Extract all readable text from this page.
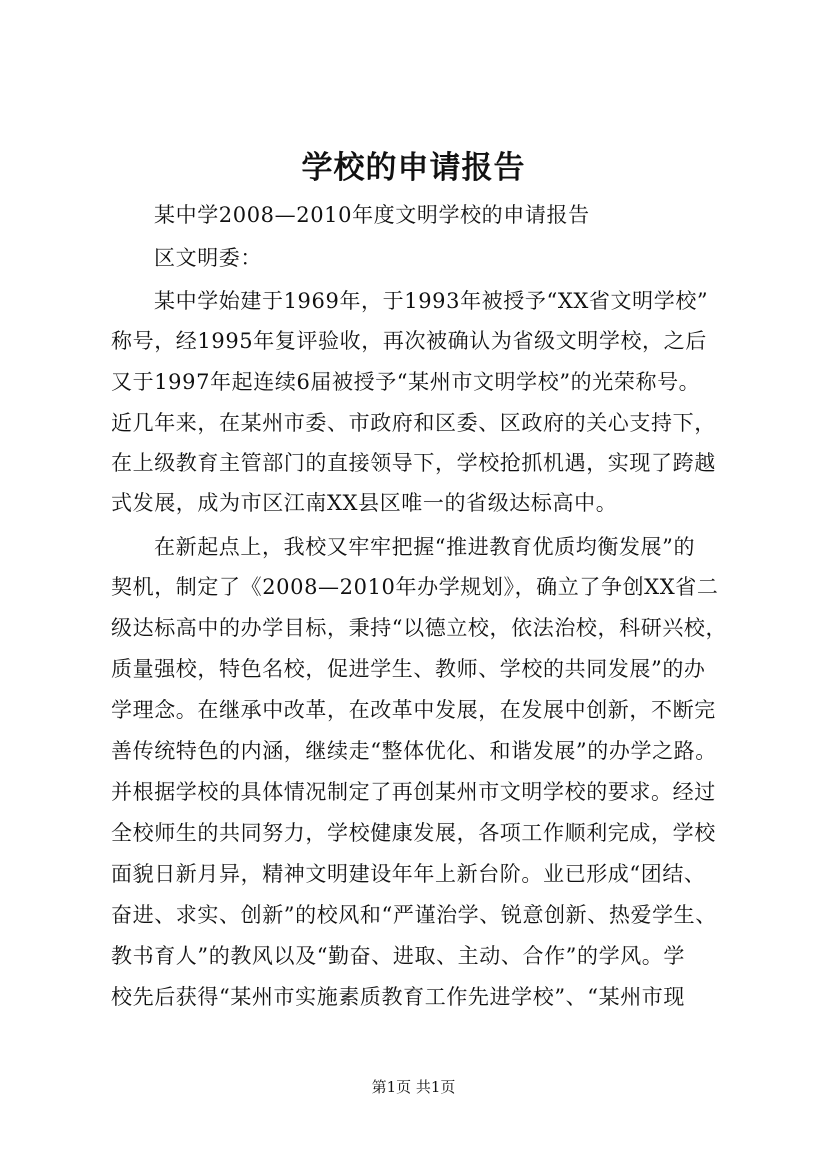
学校的申请报告
某中学2008—2010年度文明学校的申请报告
区文明委：
某中学始建于1969年，于1993年被授予“XX省文明学校”
称号，经1995年复评验收，再次被确认为省级文明学校，之后
又于1997年起连续6届被授予“某州市文明学校”的光荣称号。
近几年来，在某州市委、市政府和区委、区政府的关心支持下，
在上级教育主管部门的直接领导下，学校抢抓机遇，实现了跨越
式发展，成为市区江南XX县区唯一的省级达标高中。
在新起点上，我校又牢牢把握“推进教育优质均衡发展”的
契机，制定了《2008—2010年办学规划》，确立了争创XX省二
级达标高中的办学目标，秉持“以德立校，依法治校，科研兴校，
质量强校，特色名校，促进学生、教师、学校的共同发展”的办
学理念。在继承中改革，在改革中发展，在发展中创新，不断完
善传统特色的内涵，继续走“整体优化、和谐发展”的办学之路。
并根据学校的具体情况制定了再创某州市文明学校的要求。经过
全校师生的共同努力，学校健康发展，各项工作顺利完成，学校
面貌日新月异，精神文明建设年年上新台阶。业已形成“团结、
奋进、求实、创新”的校风和“严谨治学、锐意创新、热爱学生、
教书育人”的教风以及“勤奋、进取、主动、合作”的学风。学
校先后获得“某州市实施素质教育工作先进学校”、“某州市现
第1页 共1页
